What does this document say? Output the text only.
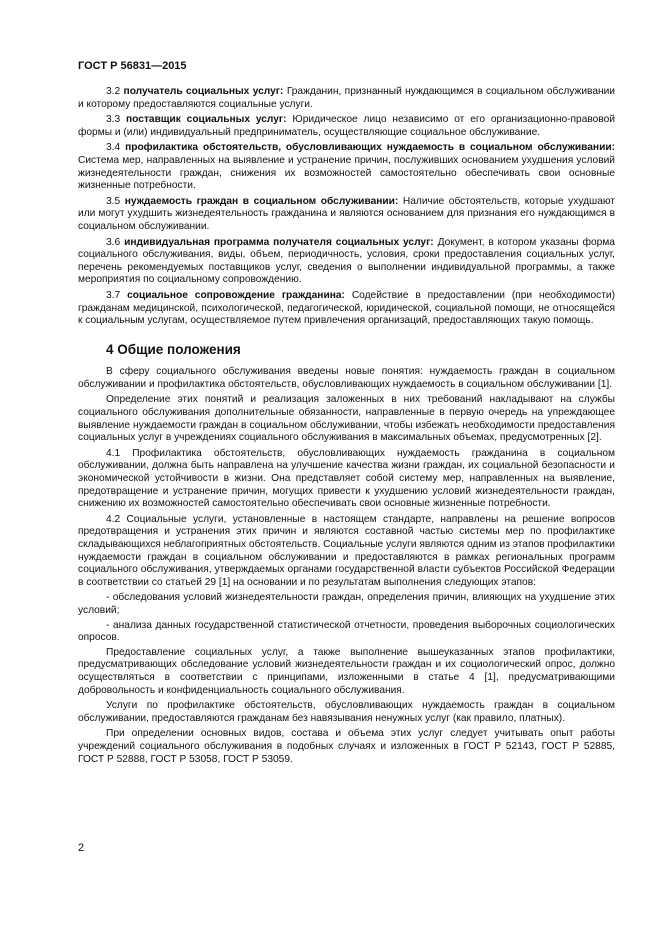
ГОСТ Р 56831—2015

3.2 получатель социальных услуг: Гражданин, признанный нуждающимся в социальном обслуживании и которому предоставляются социальные услуги.

3.3 поставщик социальных услуг: Юридическое лицо независимо от его организационно-правовой формы и (или) индивидуальный предприниматель, осуществляющие социальное обслуживание.

3.4 профилактика обстоятельств, обусловливающих нуждаемость в социальном обслуживании: Система мер, направленных на выявление и устранение причин, послуживших основанием ухудшения условий жизнедеятельности граждан, снижения их возможностей самостоятельно обеспечивать свои основные жизненные потребности.

3.5 нуждаемость граждан в социальном обслуживании: Наличие обстоятельств, которые ухудшают или могут ухудшить жизнедеятельность гражданина и являются основанием для признания его нуждающимся в социальном обслуживании.

3.6 индивидуальная программа получателя социальных услуг: Документ, в котором указаны форма социального обслуживания, виды, объем, периодичность, условия, сроки предоставления социальных услуг, перечень рекомендуемых поставщиков услуг, сведения о выполнении индивидуальной программы, а также мероприятия по социальному сопровождению.

3.7 социальное сопровождение гражданина: Содействие в предоставлении (при необходимости) гражданам медицинской, психологической, педагогической, юридической, социальной помощи, не относящейся к социальным услугам, осуществляемое путем привлечения организаций, предоставляющих такую помощь.

4 Общие положения

В сферу социального обслуживания введены новые понятия: нуждаемость граждан в социальном обслуживании и профилактика обстоятельств, обусловливающих нуждаемость в социальном обслуживании [1].

Определение этих понятий и реализация заложенных в них требований накладывают на службы социального обслуживания дополнительные обязанности, направленные в первую очередь на упреждающее выявление нуждаемости граждан в социальном обслуживании, чтобы избежать необходимости предоставления социальных услуг в учреждениях социального обслуживания в максимальных объемах, предусмотренных [2].

4.1 Профилактика обстоятельств, обусловливающих нуждаемость гражданина в социальном обслуживании, должна быть направлена на улучшение качества жизни граждан, их социальной безопасности и экономической устойчивости в жизни. Она представляет собой систему мер, направленных на выявление, предотвращение и устранение причин, могущих привести к ухудшению условий жизнедеятельности граждан, снижению их возможностей самостоятельно обеспечивать свои основные жизненные потребности.

4.2 Социальные услуги, установленные в настоящем стандарте, направлены на решение вопросов предотвращения и устранения этих причин и являются составной частью системы мер по профилактике складывающихся неблагоприятных обстоятельств. Социальные услуги являются одним из этапов профилактики нуждаемости граждан в социальном обслуживании и предоставляются в рамках региональных программ социального обслуживания, утверждаемых органами государственной власти субъектов Российской Федерации в соответствии со статьей 29 [1] на основании и по результатам выполнения следующих этапов:

- обследования условий жизнедеятельности граждан, определения причин, влияющих на ухудшение этих условий;

- анализа данных государственной статистической отчетности, проведения выборочных социологических опросов.

Предоставление социальных услуг, а также выполнение вышеуказанных этапов профилактики, предусматривающих обследование условий жизнедеятельности граждан и их социологический опрос, должно осуществляться в соответствии с принципами, изложенными в статье 4 [1], предусматривающими добровольность и конфиденциальность социального обслуживания.

Услуги по профилактике обстоятельств, обусловливающих нуждаемость граждан в социальном обслуживании, предоставляются гражданам без навязывания ненужных услуг (как правило, платных).

При определении основных видов, состава и объема этих услуг следует учитывать опыт работы учреждений социального обслуживания в подобных случаях и изложенных в ГОСТ Р 52143, ГОСТ Р 52885, ГОСТ Р 52888, ГОСТ Р 53058, ГОСТ Р 53059.

2
